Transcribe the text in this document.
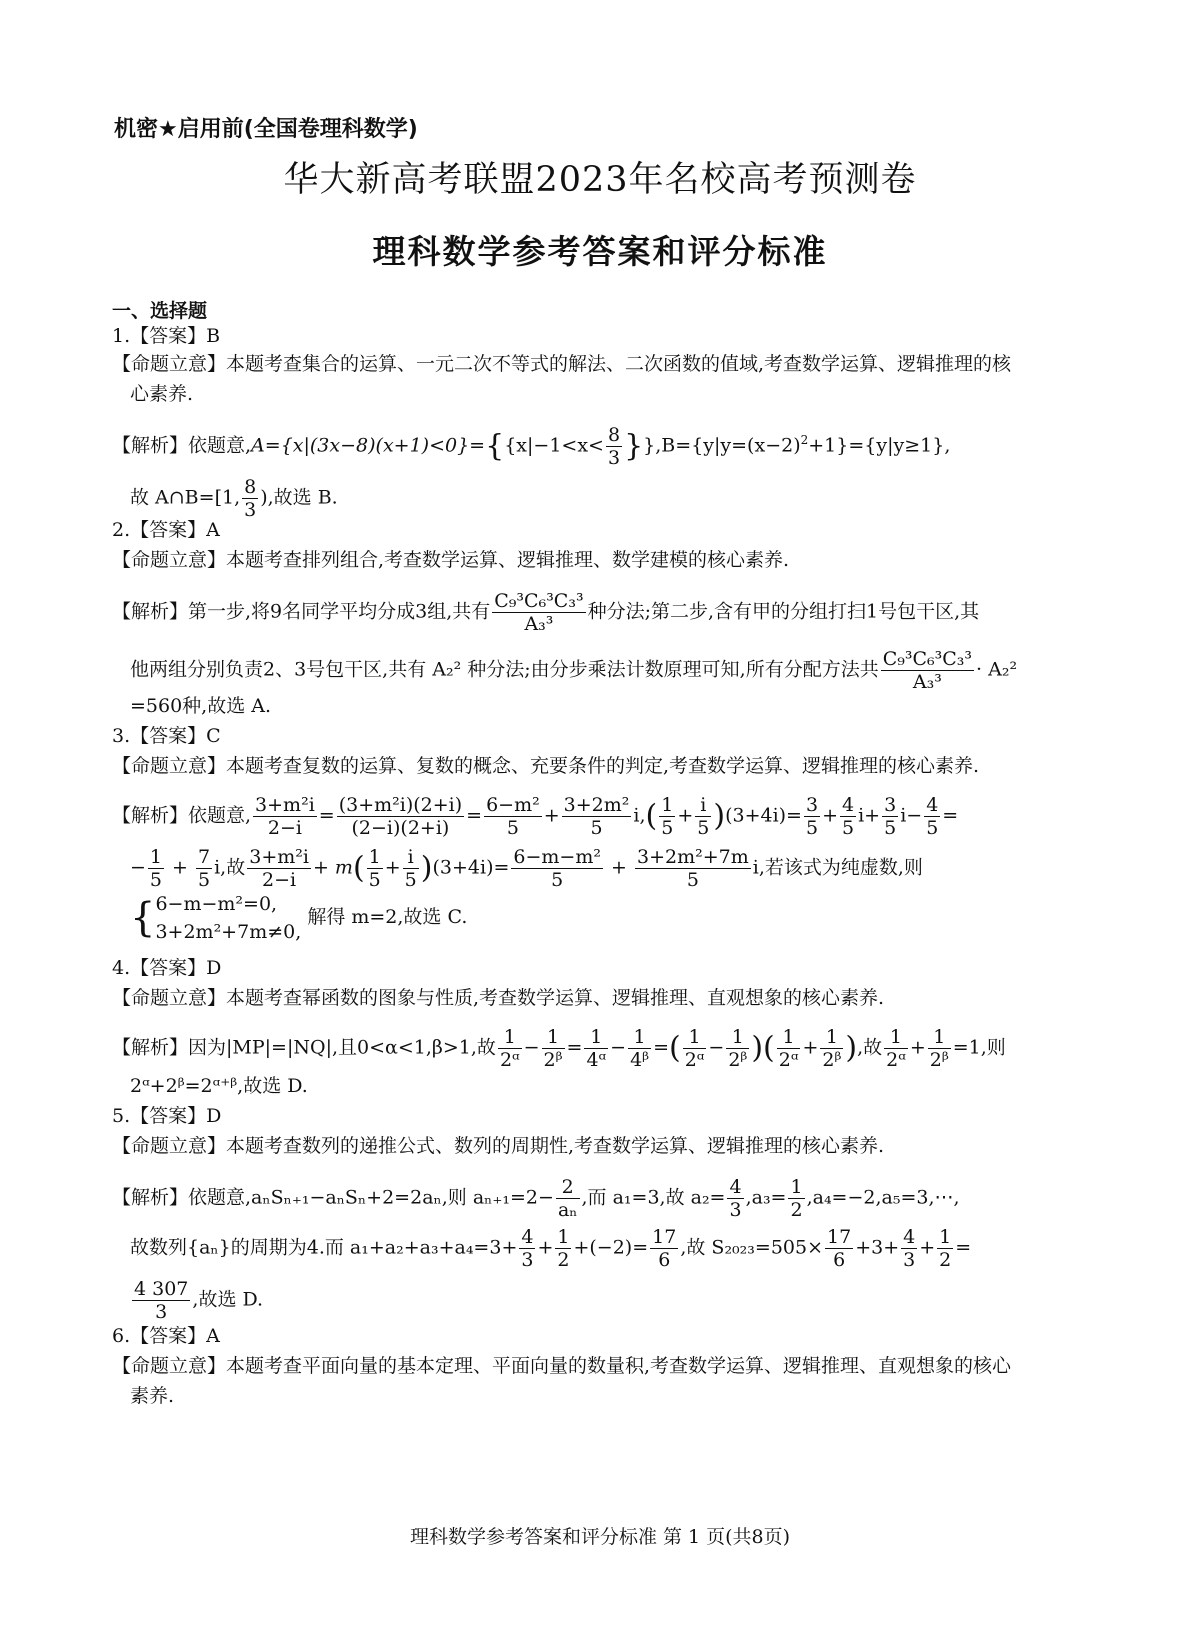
机密★启用前(全国卷理科数学)
华大新高考联盟2023年名校高考预测卷
理科数学参考答案和评分标准
一、选择题
1.【答案】B
【命题立意】本题考查集合的运算、一元二次不等式的解法、二次函数的值域,考查数学运算、逻辑推理的核
心素养.
【解析】依题意$,A=\{x|(3x-8)(x+1)<0\}=\{\{x|-1<x< \frac{8}{3} \}\},B=\{y|y=(x-2)^2+1\}=\{y|y\ge 1\}$,
故 A∩B=[1, $\frac{8}{3}$ ),故选 B.
2.【答案】A
【命题立意】本题考查排列组合,考查数学运算、逻辑推理、数学建模的核心素养.
【解析】第一步,将9名同学平均分成3组,共有 $\frac{\text{C₉³C₆³C₃³}}{\text{A₃³}}$ 种分法;第二步,含有甲的分组打扫1号包干区,其
他两组分别负责2、3号包干区,共有 A₂² 种分法;由分步乘法计数原理可知,所有分配方法共 $\frac{\text{C₉³C₆³C₃³}}{\text{A₃³}} \cdot A_2^2$
=560种,故选 A.
3.【答案】C
【命题立意】本题考查复数的运算、复数的概念、充要条件的判定,考查数学运算、逻辑推理的核心素养.
【解析】依题意, $\frac{\text{3+m²i}}{2-i} = \frac{\text{(3+m²i)(2+i)}}{(2-i)(2+i)} = \frac{\text{6−m²}}{5} + \frac{\text{3+2m²}}{5} i,( \frac{1}{5} + \frac{i}{5} )(3+4i)= \frac{3}{5} + \frac{4}{5} i+ \frac{3}{5} i- \frac{4}{5}$ =
− $\frac{1}{5} + \frac{7}{5} i$,故 $\frac{\text{3+m²i}}{2-i} + m( \frac{1}{5} + \frac{i}{5} )(3+4i)= \frac{\text{6−m−m²}}{5} + \frac{\text{3+2m²+7m}}{5} i$,若该式为纯虚数,则
{ 6−m−m²=0,
3+2m²+7m≠0,
解得 m=2,故选 C.
4.【答案】D
【命题立意】本题考查幂函数的图象与性质,考查数学运算、逻辑推理、直观想象的核心素养.
【解析】因为|MP|=|NQ|,且0<α<1,β>1,故 $\frac{1}{\text{2ᵅ}} - \frac{1}{\text{2ᵝ}} = \frac{1}{\text{4ᵅ}} - \frac{1}{\text{4ᵝ}}$ =( $\frac{1}{\text{2ᵅ}} - \frac{1}{\text{2ᵝ}}$ )( $\frac{1}{\text{2ᵅ}} + \frac{1}{\text{2ᵝ}}$ ),故 $\frac{1}{\text{2ᵅ}} + \frac{1}{\text{2ᵝ}} =1$,则
2ᵅ+2ᵝ=2ᵅ⁺ᵝ,故选 D.
5.【答案】D
【命题立意】本题考查数列的递推公式、数列的周期性,考查数学运算、逻辑推理的核心素养.
【解析】依题意,aₙSₙ₊₁−aₙSₙ+2=2aₙ,则 $a_{n+1}=2- \frac{2}{\text{aₙ}}$ ,而 a₁=3,故 $a_2= \frac{4}{3} ,a_3= \frac{1}{2}$ ,a₄=−2,a₅=3,⋯,
故数列{aₙ}的周期为4.而 $a_1+a_2+a_3+a_4=3+ \frac{4}{3} + \frac{1}{2} +(-2)= \frac{17}{6}$ ,故 $S_{2023}=505\times \frac{17}{6} +3+ \frac{4}{3} + \frac{1}{2}$ =
$\frac{4 307}{3}$ ,故选 D.
6.【答案】A
【命题立意】本题考查平面向量的基本定理、平面向量的数量积,考查数学运算、逻辑推理、直观想象的核心
素养.
理科数学参考答案和评分标准 第 1 页(共8页)
